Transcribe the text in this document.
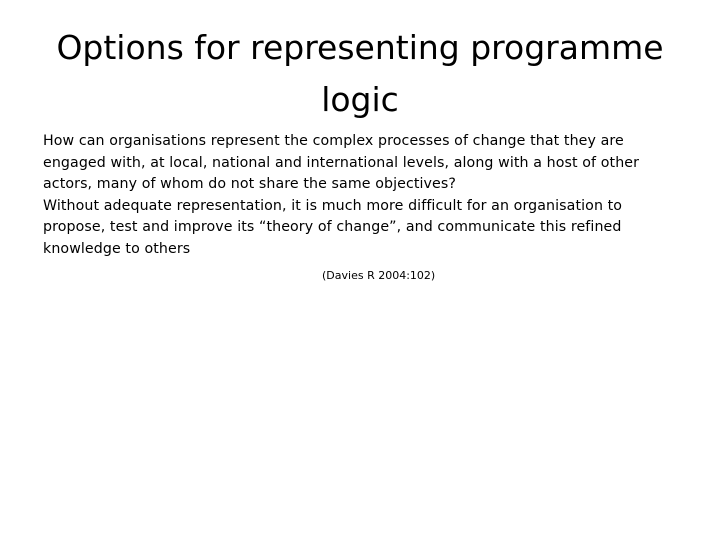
Options for representing programme logic

How can organisations represent the complex processes of change that they are engaged with, at local, national and international levels, along with a host of other actors, many of whom do not share the same objectives?

Without adequate representation, it is much more difficult for an organisation to propose, test and improve its “theory of change”, and communicate this refined knowledge to others

(Davies R 2004:102)
